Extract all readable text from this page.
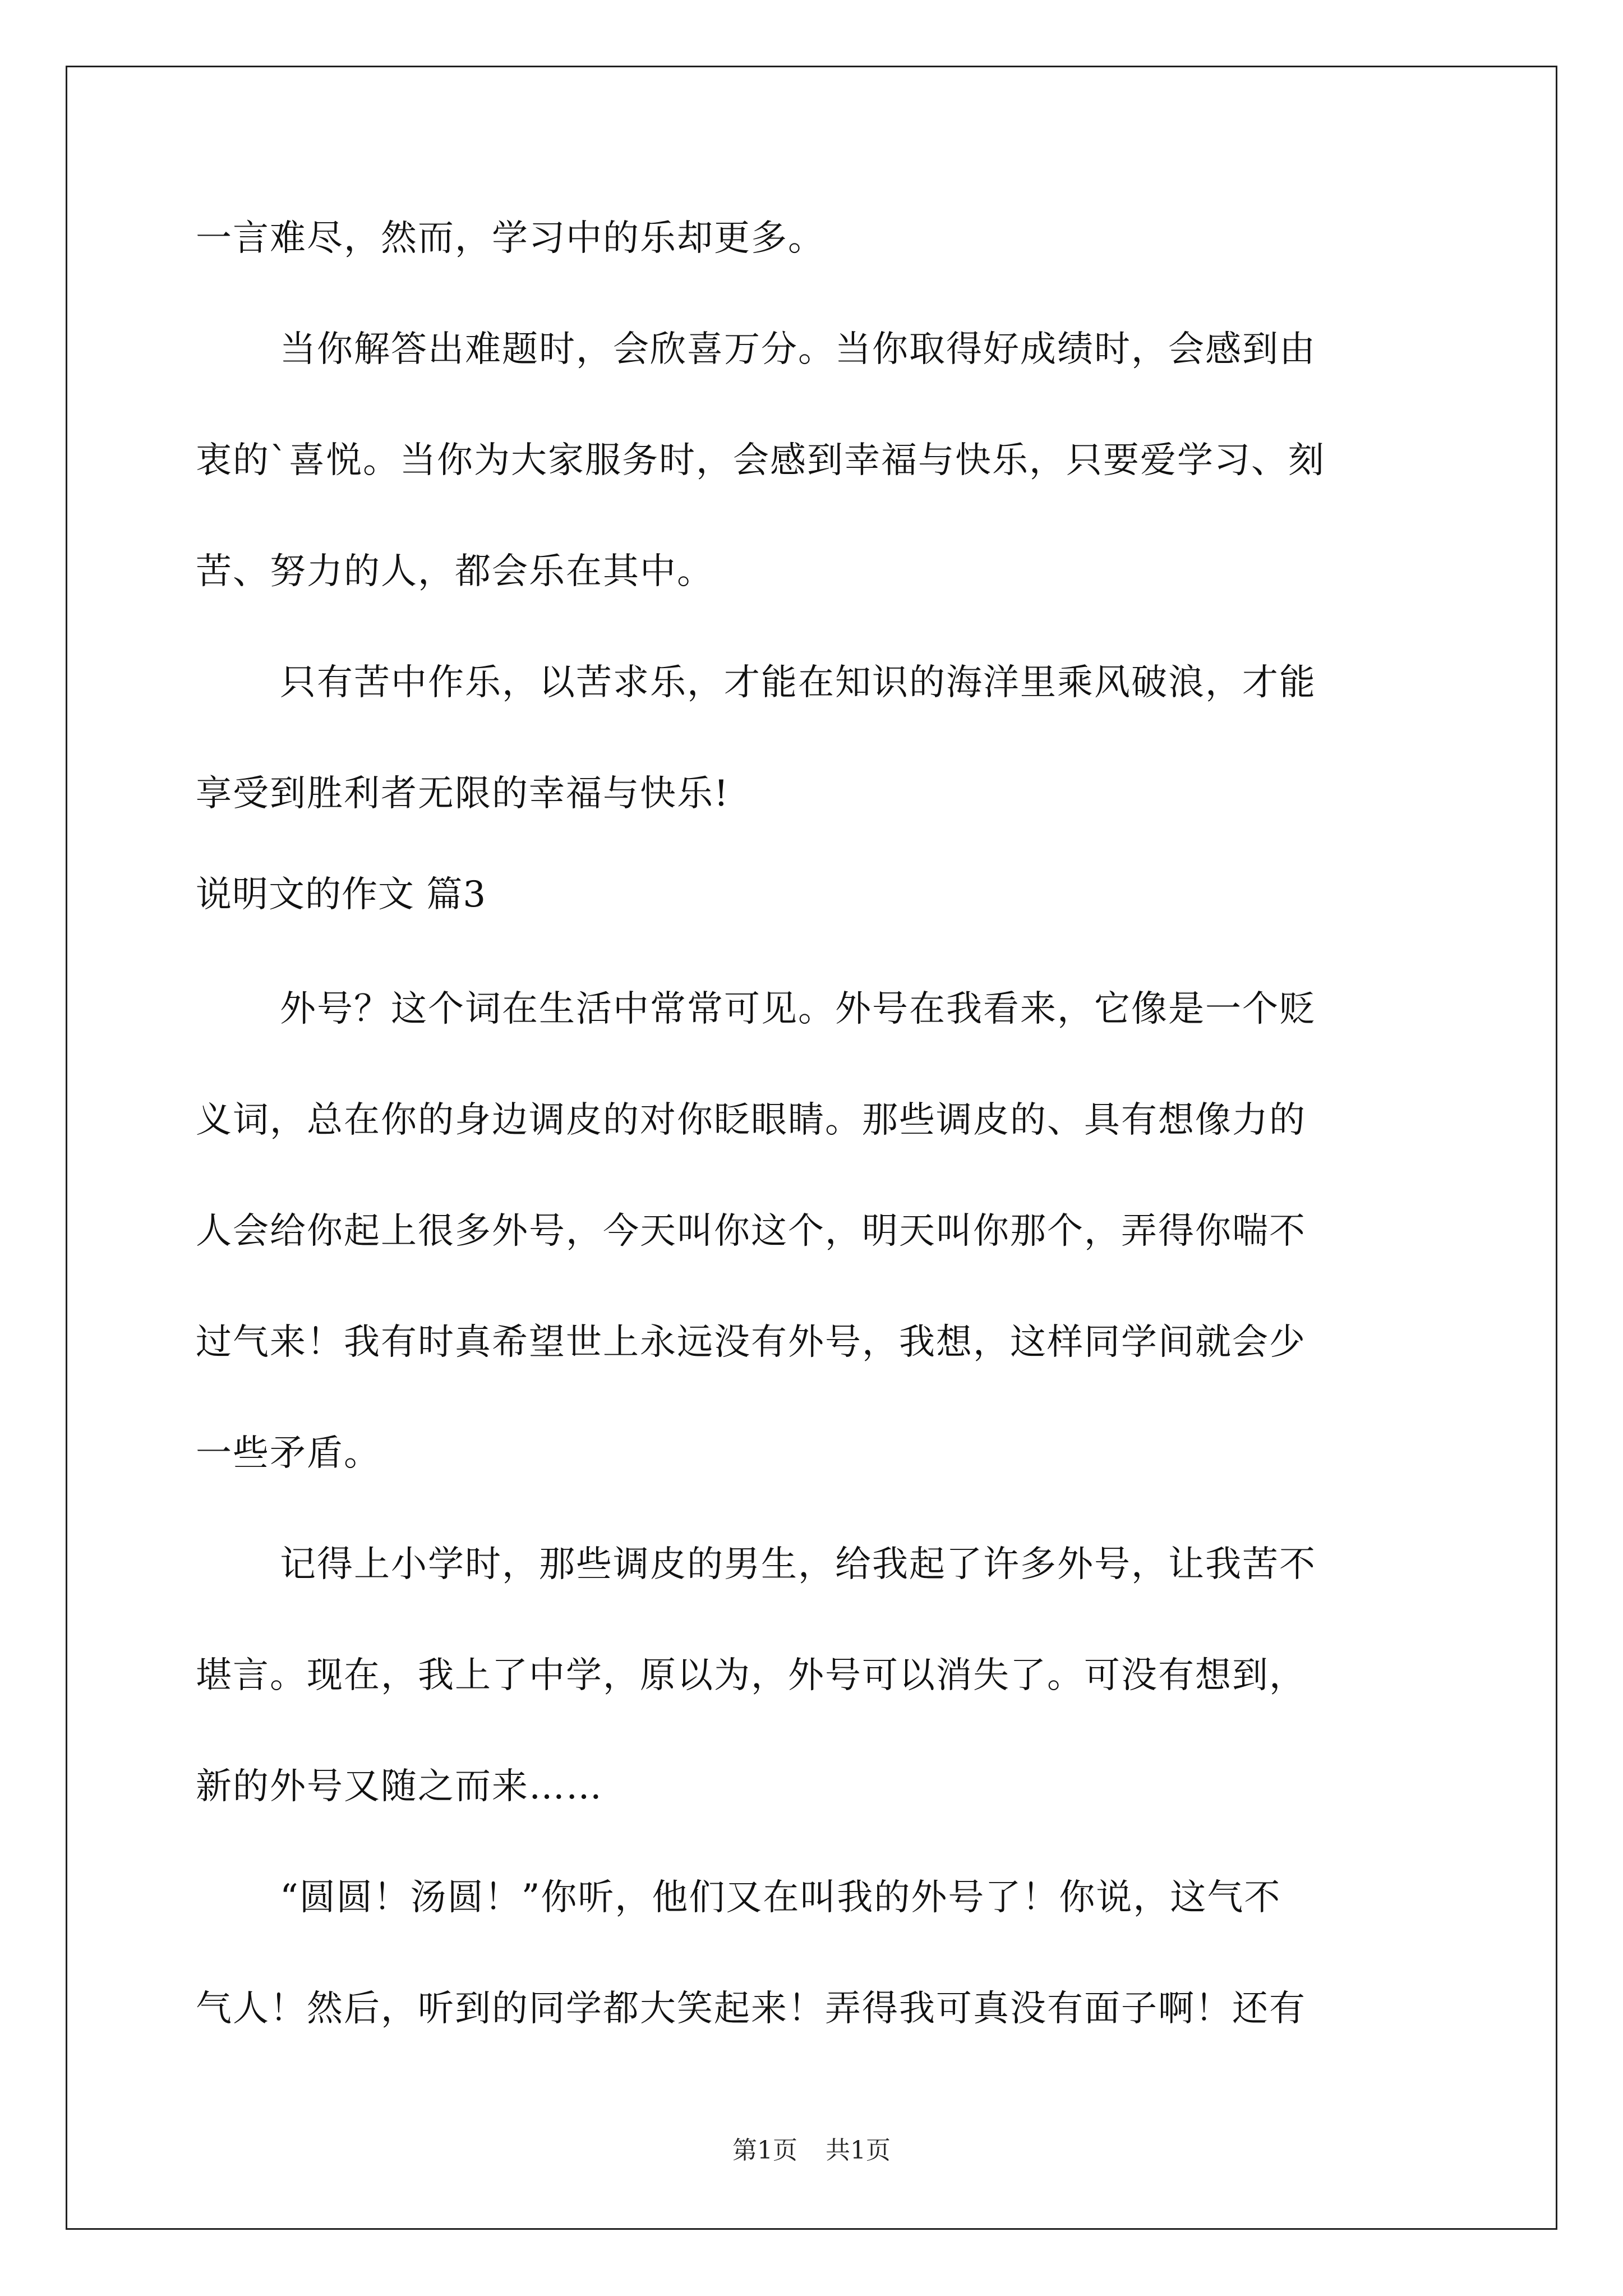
一言难尽，然而，学习中的乐却更多。
当你解答出难题时，会欣喜万分。当你取得好成绩时，会感到由
衷的`喜悦。当你为大家服务时，会感到幸福与快乐，只要爱学习、刻
苦、努力的人，都会乐在其中。
只有苦中作乐，以苦求乐，才能在知识的海洋里乘风破浪，才能
享受到胜利者无限的幸福与快乐!
说明文的作文 篇3
外号？这个词在生活中常常可见。外号在我看来，它像是一个贬
义词，总在你的身边调皮的对你眨眼睛。那些调皮的、具有想像力的
人会给你起上很多外号，今天叫你这个，明天叫你那个，弄得你喘不
过气来！我有时真希望世上永远没有外号，我想，这样同学间就会少
一些矛盾。
记得上小学时，那些调皮的男生，给我起了许多外号，让我苦不
堪言。现在，我上了中学，原以为，外号可以消失了。可没有想到，
新的外号又随之而来……
“圆圆！汤圆！”你听，他们又在叫我的外号了！你说，这气不
气人！然后，听到的同学都大笑起来！弄得我可真没有面子啊！还有
第1页 共1页
